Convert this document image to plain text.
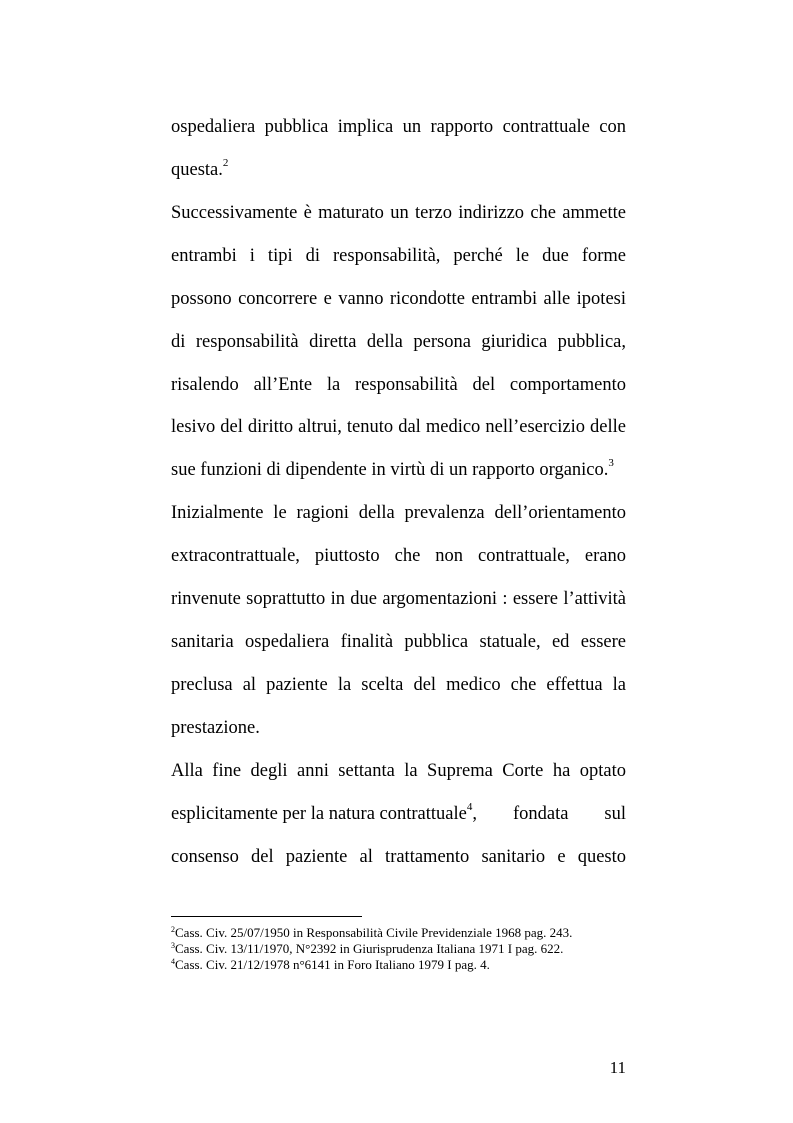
ospedaliera pubblica implica un rapporto contrattuale con
questa.$^2$
Successivamente è maturato un terzo indirizzo che ammette
entrambi i tipi di responsabilità, perché le due forme
possono concorrere e vanno ricondotte entrambi alle ipotesi
di responsabilità diretta della persona giuridica pubblica,
risalendo all’Ente la responsabilità del comportamento
lesivo del diritto altrui, tenuto dal medico nell’esercizio delle
sue funzioni di dipendente in virtù di un rapporto organico.$^3$
Inizialmente le ragioni della prevalenza dell’orientamento
extracontrattuale, piuttosto che non contrattuale, erano
rinvenute soprattutto in due argomentazioni : essere l’attività
sanitaria ospedaliera finalità pubblica statuale, ed essere
preclusa al paziente la scelta del medico che effettua la
prestazione.
Alla fine degli anni settanta la Suprema Corte ha optato
esplicitamente per la natura contrattuale$^4$ , fondata sul
consenso del paziente al trattamento sanitario e questo
$^2$Cass. Civ. 25/07/1950 in Responsabilità Civile Previdenziale 1968 pag. 243.
$^3$Cass. Civ. 13/11/1970, N°2392 in Giurisprudenza Italiana 1971 I pag. 622.
$^4$Cass. Civ. 21/12/1978 n°6141 in Foro Italiano 1979 I pag. 4.
11
